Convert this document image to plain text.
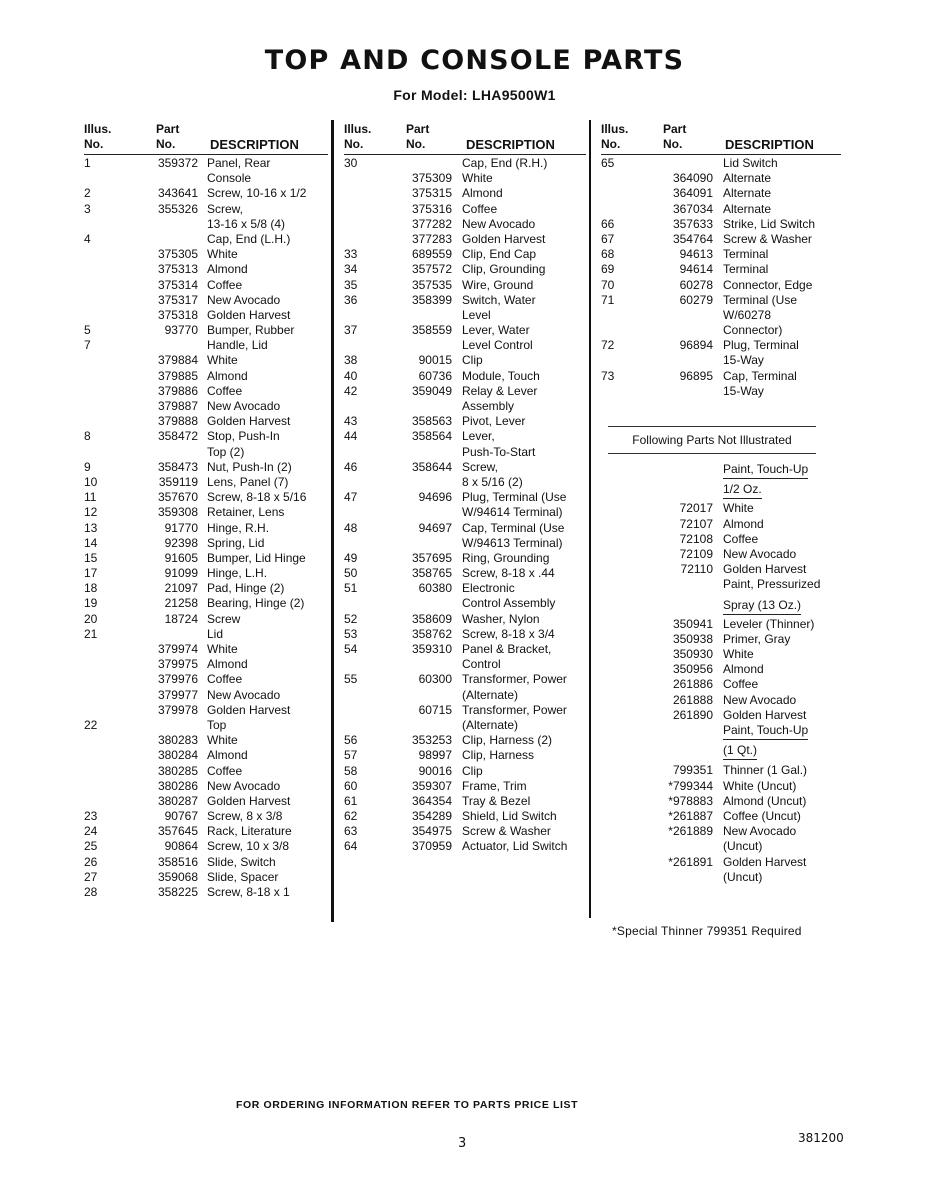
TOP AND CONSOLE PARTS
For Model: LHA9500W1
Illus.
No.
Part
No.	DESCRIPTION
1	359372 Panel, Rear
Console
2	343641 Screw, 10-16 x 1/2
3	355326 Screw,
13-16 x 5/8 (4)
4	Cap, End (L.H.)
375305 White
375313 Almond
375314 Coffee
375317 New Avocado
375318 Golden Harvest
5	93770 Bumper, Rubber
7	Handle, Lid
379884 White
379885 Almond
379886 Coffee
379887 New Avocado
379888 Golden Harvest
8	358472 Stop, Push-In
Top (2)
9	358473 Nut, Push-In (2)
10	359119 Lens, Panel (7)
11	357670 Screw, 8-18 x 5/16
12	359308 Retainer, Lens
13	91770 Hinge, R.H.
14	92398 Spring, Lid
15	91605 Bumper, Lid Hinge
17	91099 Hinge, L.H.
18	21097 Pad, Hinge (2)
19	21258 Bearing, Hinge (2)
20	18724 Screw
21	Lid
379974 White
379975 Almond
379976 Coffee
379977 New Avocado
379978 Golden Harvest
22	Top
380283 White
380284 Almond
380285 Coffee
380286 New Avocado
380287 Golden Harvest
23	90767 Screw, 8 x 3/8
24	357645 Rack, Literature
25	90864 Screw, 10 x 3/8
26	358516 Slide, Switch
27	359068 Slide, Spacer
28	358225 Screw, 8-18 x 1
Illus.
No.
Part
No.	DESCRIPTION
30	Cap, End (R.H.)
375309 White
375315 Almond
375316 Coffee
377282 New Avocado
377283 Golden Harvest
33	689559 Clip, End Cap
34	357572 Clip, Grounding
35	357535 Wire, Ground
36	358399 Switch, Water
Level
37	358559 Lever, Water
Level Control
38	90015 Clip
40	60736 Module, Touch
42	359049 Relay & Lever
Assembly
43	358563 Pivot, Lever
44	358564 Lever,
Push-To-Start
46	358644 Screw,
8 x 5/16 (2)
47	94696 Plug, Terminal (Use
W/94614 Terminal)
48	94697 Cap, Terminal (Use
W/94613 Terminal)
49	357695 Ring, Grounding
50	358765 Screw, 8-18 x .44
51	60380 Electronic
Control Assembly
52	358609 Washer, Nylon
53	358762 Screw, 8-18 x 3/4
54	359310 Panel & Bracket,
Control
55	60300 Transformer, Power
(Alternate)
60715 Transformer, Power
(Alternate)
56	353253 Clip, Harness (2)
57	98997 Clip, Harness
58	90016 Clip
60	359307 Frame, Trim
61	364354 Tray & Bezel
62	354289 Shield, Lid Switch
63	354975 Screw & Washer
64	370959 Actuator, Lid Switch
Illus.
No.
Part
No.	DESCRIPTION
65	Lid Switch
364090 Alternate
364091 Alternate
367034 Alternate
66	357633 Strike, Lid Switch
67	354764 Screw & Washer
68	94613 Terminal
69	94614 Terminal
70	60278 Connector, Edge
71	60279 Terminal (Use
W/60278
Connector)
72	96894 Plug, Terminal
15-Way
73	96895 Cap, Terminal
15-Way
Paint, Touch-Up
1/2 Oz.
72017 White
72107 Almond
72108 Coffee
72109 New Avocado
72110 Golden Harvest
Paint, Pressurized
Spray (13 Oz.)
350941 Leveler (Thinner)
350938 Primer, Gray
350930 White
350956 Almond
261886 Coffee
261888 New Avocado
261890 Golden Harvest
Paint, Touch-Up
(1 Qt.)
799351 Thinner (1 Gal.)
*799344 White (Uncut)
*978883 Almond (Uncut)
*261887 Coffee (Uncut)
*261889 New Avocado
(Uncut)
*261891 Golden Harvest
(Uncut)
Following Parts Not Illustrated
*Special Thinner 799351 Required
FOR ORDERING INFORMATION REFER TO PARTS PRICE LIST
3	381200
